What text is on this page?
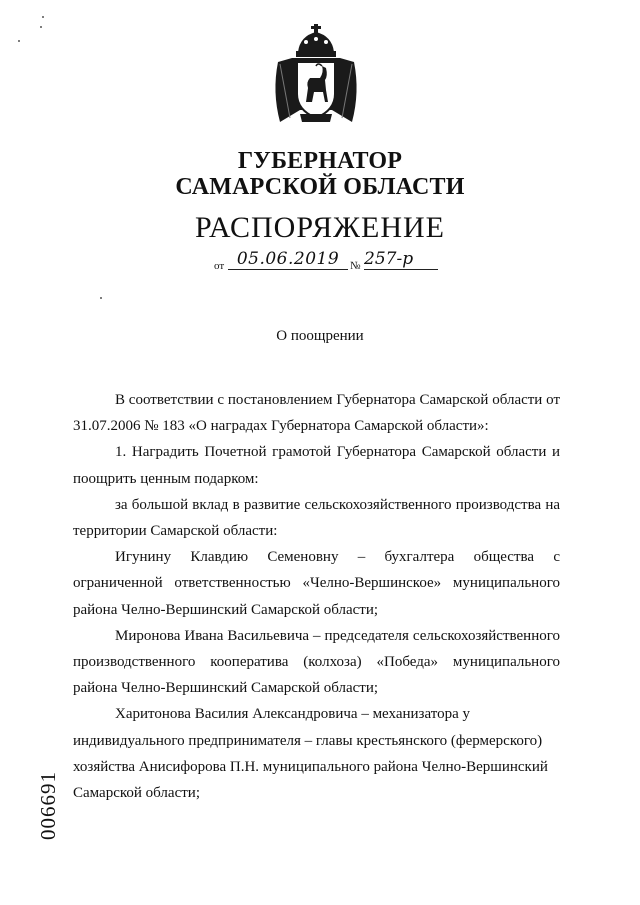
ГУБЕРНАТОР
САМАРСКОЙ ОБЛАСТИ
РАСПОРЯЖЕНИЕ
от 05.06.2019 № 257-р
О поощрении

В соответствии с постановлением Губернатора Самарской области от 31.07.2006 № 183 «О наградах Губернатора Самарской области»:

1. Наградить Почетной грамотой Губернатора Самарской области и поощрить ценным подарком:

за большой вклад в развитие сельскохозяйственного производства на территории Самарской области:

Игунину Клавдию Семеновну – бухгалтера общества с ограниченной ответственностью «Челно-Вершинское» муниципального района Челно-Вершинский Самарской области;

Миронова Ивана Васильевича – председателя сельскохозяйственного производственного кооператива (колхоза) «Победа» муниципального района Челно-Вершинский Самарской области;

Харитонова Василия Александровича – механизатора у индивидуального предпринимателя – главы крестьянского (фермерского) хозяйства Анисифорова П.Н. муниципального района Челно-Вершинский Самарской области;

006691
